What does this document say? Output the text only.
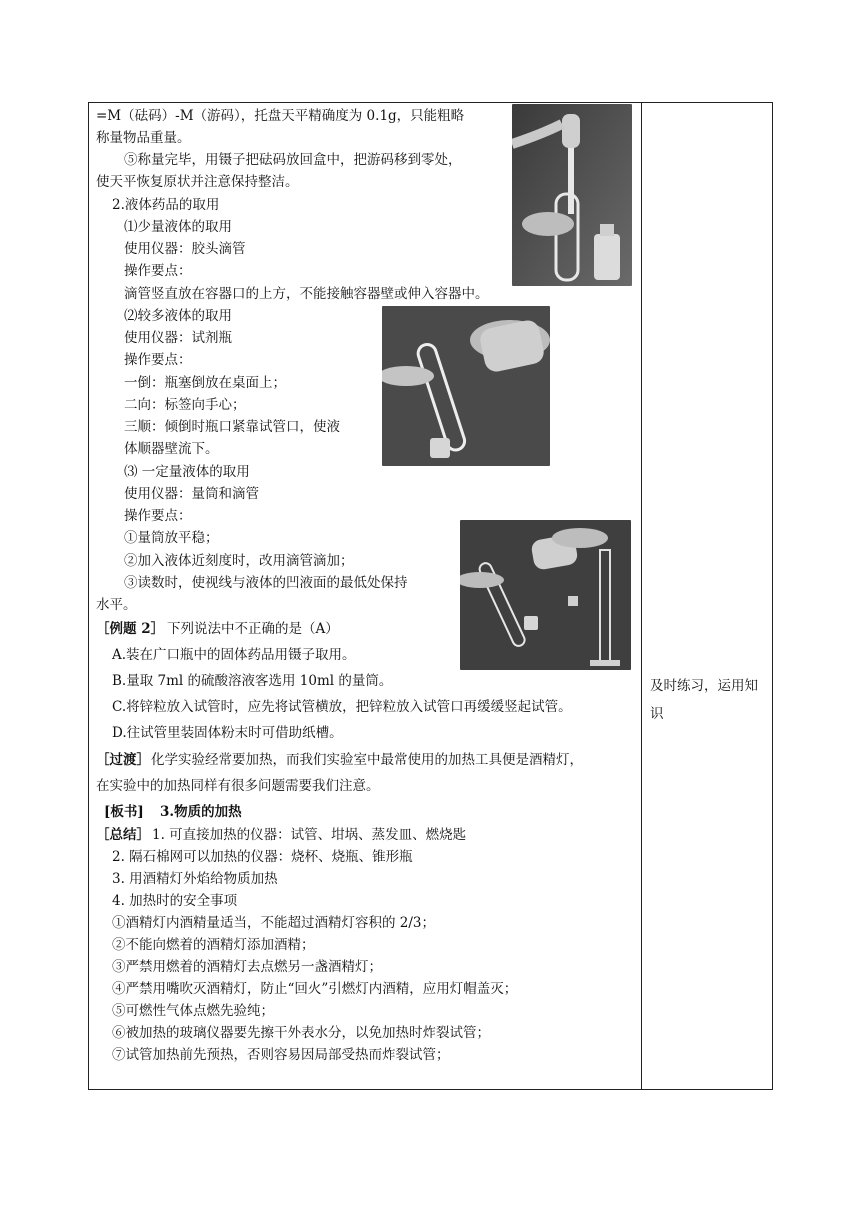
=M（砝码）-M（游码），托盘天平精确度为 0.1g，只能粗略
称量物品重量。
⑤称量完毕，用镊子把砝码放回盒中，把游码移到零处，
使天平恢复原状并注意保持整洁。
2.液体药品的取用
⑴少量液体的取用
使用仪器：胶头滴管
操作要点：
滴管竖直放在容器口的上方，不能接触容器壁或伸入容器中。
⑵较多液体的取用
使用仪器：试剂瓶
操作要点：
一倒：瓶塞倒放在桌面上；
二向：标签向手心；
三顺：倾倒时瓶口紧靠试管口，使液
体顺器壁流下。
⑶ 一定量液体的取用
使用仪器：量筒和滴管
操作要点：
①量筒放平稳；
②加入液体近刻度时，改用滴管滴加；
③读数时，使视线与液体的凹液面的最低处保持
水平。
［例题 2］ 下列说法中不正确的是（A）
A.装在广口瓶中的固体药品用镊子取用。
B.量取 7ml 的硫酸溶液客选用 10ml 的量筒。
C.将锌粒放入试管时，应先将试管横放，把锌粒放入试管口再缓缓竖起试管。
D.往试管里装固体粉末时可借助纸槽。
［过渡］ 化学实验经常要加热，而我们实验室中最常使用的加热工具便是酒精灯，
在实验中的加热同样有很多问题需要我们注意。
[板书] 3.物质的加热
［总结］ 1. 可直接加热的仪器：试管、坩埚、蒸发皿、燃烧匙
2. 隔石棉网可以加热的仪器：烧杯、烧瓶、锥形瓶
3. 用酒精灯外焰给物质加热
4. 加热时的安全事项
①酒精灯内酒精量适当，不能超过酒精灯容积的 2/3；
②不能向燃着的酒精灯添加酒精；
③严禁用燃着的酒精灯去点燃另一盏酒精灯；
④严禁用嘴吹灭酒精灯，防止“回火”引燃灯内酒精，应用灯帽盖灭；
⑤可燃性气体点燃先验纯；
⑥被加热的玻璃仪器要先擦干外表水分，以免加热时炸裂试管；
⑦试管加热前先预热，否则容易因局部受热而炸裂试管；
及时练习，运用知识
